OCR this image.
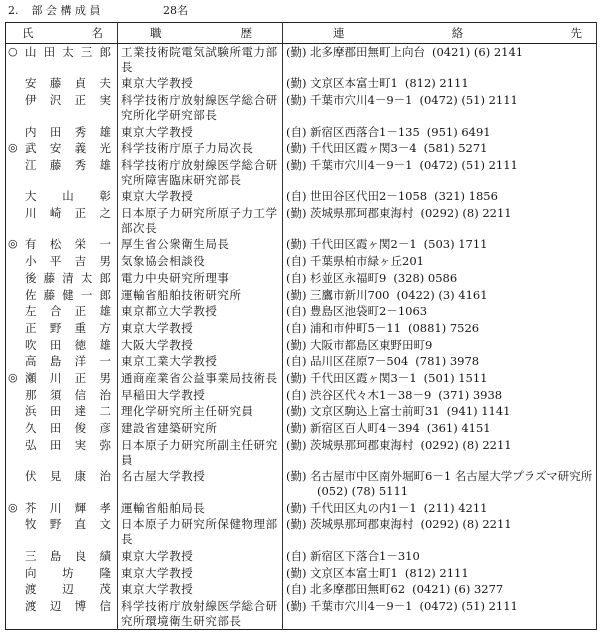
2. 部 会 構 成 員	28名
氏 名	職 歴	連 絡 先

○ 山 田 太 三 郎	工業技術院電気試験所電力部長	(勤) 北多摩郡田無町上向台 (0421) (6) 2141

安 藤 貞 夫	東京大学教授	(勤) 文京区本富士町1 (812) 2111

伊 沢 正 実	科学技術庁放射線医学総合研究所化学研究部長	(勤) 千葉市穴川4－9－1 (0472) (51) 2111

内 田 秀 雄	東京大学教授	(自) 新宿区西落合1－135 (951) 6491

◎ 武 安 義 光	科学技術庁原子力局次長	(勤) 千代田区霞ヶ関3－4 (581) 5271

江 藤 秀 雄	科学技術庁放射線医学総合研究所障害臨床研究部長	(勤) 千葉市穴川4－9－1 (0472) (51) 2111

大 山 彰	東京大学教授	(自) 世田谷区代田2－1058 (321) 1856

川 崎 正 之	日本原子力研究所原子力工学部次長	(勤) 茨城県那珂郡東海村 (0292) (8) 2211

◎ 有 松 栄 一	厚生省公衆衛生局長	(勤) 千代田区霞ヶ関2－1 (503) 1711

小 平 吉 男	気象協会相談役	(自) 千葉県柏市緑ヶ丘201

後 藤 清 太 郎	電力中央研究所理事	(自) 杉並区永福町9 (328) 0586

佐 藤 健 一 郎	運輸省船舶技術研究所	(勤) 三鷹市新川700 (0422) (3) 4161

左 合 正 雄	東京都立大学教授	(自) 豊島区池袋町2－1063

正 野 重 方	東京大学教授	(自) 浦和市仲町5－11 (0881) 7526

吹 田 徳 雄	大阪大学教授	(勤) 大阪市都島区東野田町9

高 島 洋 一	東京工業大学教授	(自) 品川区荏原7－504 (781) 3978

◎ 瀬 川 正 男	通商産業省公益事業局技術長	(勤) 千代田区霞ヶ関3－1 (501) 1511

那 須 信 治	早稲田大学教授	(自) 渋谷区代々木1－38－9 (371) 3938

浜 田 達 二	理化学研究所主任研究員	(勤) 文京区駒込上富士前町31 (941) 1141

久 田 俊 彦	建設省建築研究所	(勤) 新宿区百人町4－394 (361) 4151

弘 田 実 弥	日本原子力研究所副主任研究員	(勤) 茨城県那珂郡東海村 (0292) (8) 2211

伏 見 康 治	名古屋大学教授	(勤) 名古屋市中区南外堀町6－1 名古屋大学プラズマ研究所(052) (78) 5111

◎ 芥 川 輝 孝	運輸省船舶局長	(勤) 千代田区丸の内1－1 (211) 4211

牧 野 直 文	日本原子力研究所保健物理部長	(勤) 茨城県那珂郡東海村 (0292) (8) 2211

三 島 良 績	東京大学教授	(自) 新宿区下落合1－310

向 坊 隆	東京大学教授	(勤) 文京区本富士町1 (812) 2111

渡 辺 茂	東京大学教授	(自) 北多摩郡田無町62 (0421) (6) 3277

渡 辺 博 信	科学技術庁放射線医学総合研究所環境衛生研究部長	(勤) 千葉市穴川4－9－1 (0472) (51) 2111
